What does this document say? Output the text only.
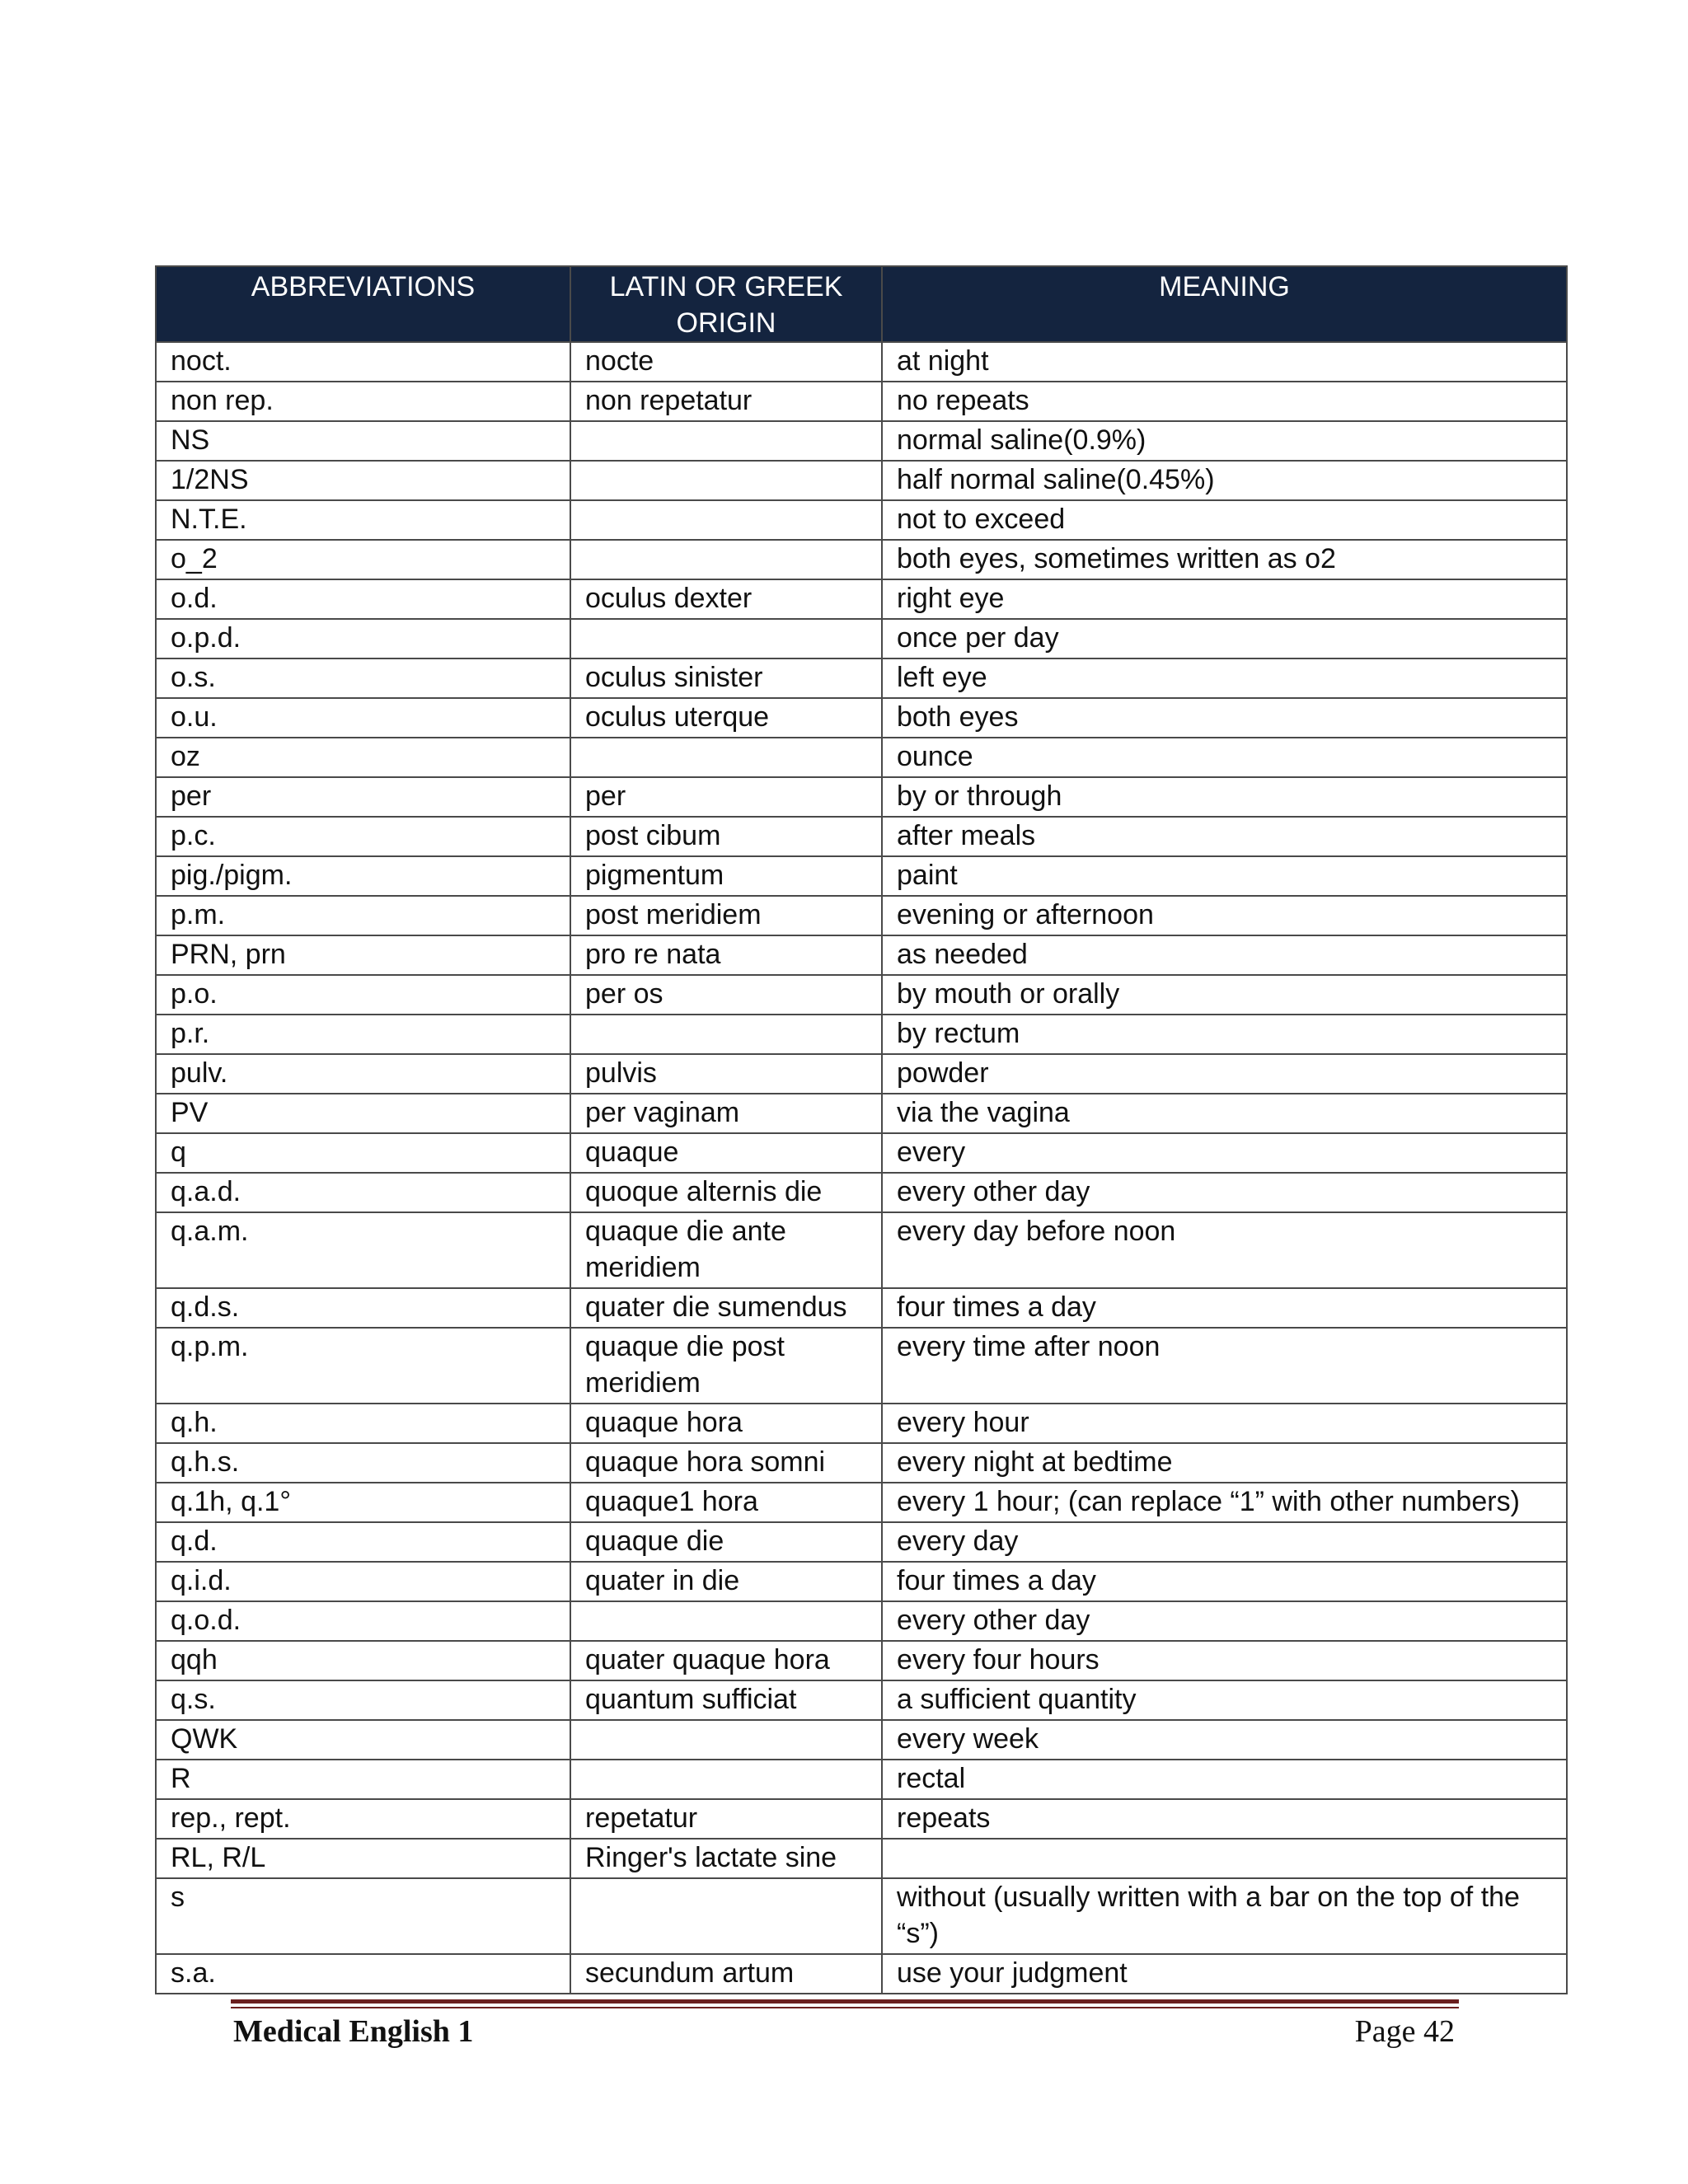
ABBREVIATIONS	LATIN OR GREEK ORIGIN	MEANING
noct.	nocte	at night
non rep.	non repetatur	no repeats
NS		normal saline(0.9%)
1/2NS		half normal saline(0.45%)
N.T.E.		not to exceed
o_2		both eyes, sometimes written as o2
o.d.	oculus dexter	right eye
o.p.d.		once per day
o.s.	oculus sinister	left eye
o.u.	oculus uterque	both eyes
oz		ounce
per	per	by or through
p.c.	post cibum	after meals
pig./pigm.	pigmentum	paint
p.m.	post meridiem	evening or afternoon
PRN, prn	pro re nata	as needed
p.o.	per os	by mouth or orally
p.r.		by rectum
pulv.	pulvis	powder
PV	per vaginam	via the vagina
q	quaque	every
q.a.d.	quoque alternis die	every other day
q.a.m.	quaque die ante meridiem	every day before noon
q.d.s.	quater die sumendus	four times a day
q.p.m.	quaque die post meridiem	every time after noon
q.h.	quaque hora	every hour
q.h.s.	quaque hora somni	every night at bedtime
q.1h, q.1°	quaque1 hora	every 1 hour; (can replace “1” with other numbers)
q.d.	quaque die	every day
q.i.d.	quater in die	four times a day
q.o.d.		every other day
qqh	quater quaque hora	every four hours
q.s.	quantum sufficiat	a sufficient quantity
QWK		every week
R		rectal
rep., rept.	repetatur	repeats
RL, R/L	Ringer's lactate sine	
s		without (usually written with a bar on the top of the “s”)
s.a.	secundum artum	use your judgment
Medical English 1	Page 42
